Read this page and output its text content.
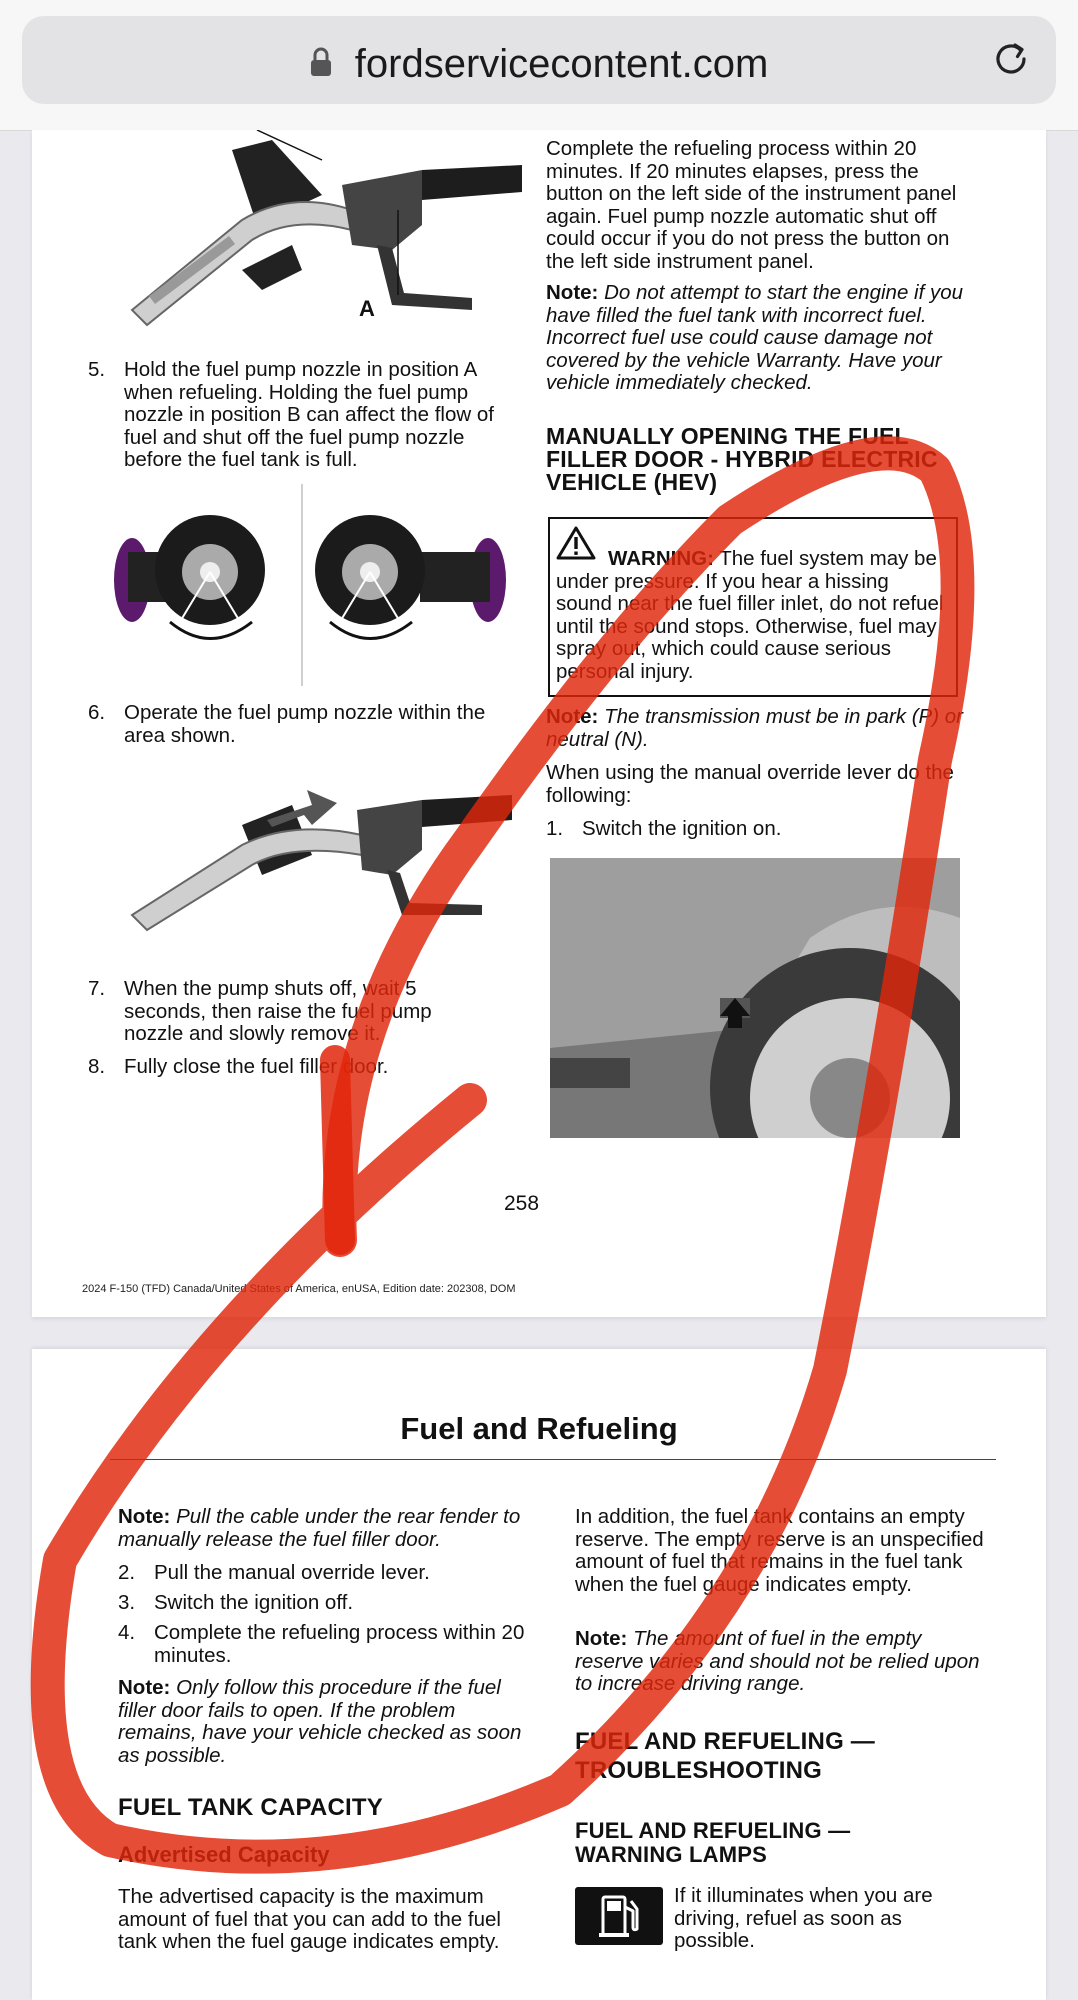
fordservicecontent.com
A
5. Hold the fuel pump nozzle in position A when refueling. Holding the fuel pump nozzle in position B can affect the flow of fuel and shut off the fuel pump nozzle before the fuel tank is full.
6. Operate the fuel pump nozzle within the area shown.
7. When the pump shuts off, wait 5 seconds, then raise the fuel pump nozzle and slowly remove it.
8. Fully close the fuel filler door.
Complete the refueling process within 20 minutes. If 20 minutes elapses, press the button on the left side of the instrument panel again. Fuel pump nozzle automatic shut off could occur if you do not press the button on the left side instrument panel.
Note: Do not attempt to start the engine if you have filled the fuel tank with incorrect fuel. Incorrect fuel use could cause damage not covered by the vehicle Warranty. Have your vehicle immediately checked.
MANUALLY OPENING THE FUEL FILLER DOOR - HYBRID ELECTRIC VEHICLE (HEV)
WARNING: The fuel system may be under pressure. If you hear a hissing sound near the fuel filler inlet, do not refuel until the sound stops. Otherwise, fuel may spray out, which could cause serious personal injury.
Note: The transmission must be in park (P) or neutral (N).
When using the manual override lever do the following:
1. Switch the ignition on.
258
2024 F-150 (TFD) Canada/United States of America, enUSA, Edition date: 202308, DOM
Fuel and Refueling
Note: Pull the cable under the rear fender to manually release the fuel filler door.
2. Pull the manual override lever.
3. Switch the ignition off.
4. Complete the refueling process within 20 minutes.
Note: Only follow this procedure if the fuel filler door fails to open. If the problem remains, have your vehicle checked as soon as possible.
FUEL TANK CAPACITY
Advertised Capacity
The advertised capacity is the maximum amount of fuel that you can add to the fuel tank when the fuel gauge indicates empty.
In addition, the fuel tank contains an empty reserve. The empty reserve is an unspecified amount of fuel that remains in the fuel tank when the fuel gauge indicates empty.
Note: The amount of fuel in the empty reserve varies and should not be relied upon to increase driving range.
FUEL AND REFUELING — TROUBLESHOOTING
FUEL AND REFUELING — WARNING LAMPS
If it illuminates when you are driving, refuel as soon as possible.
